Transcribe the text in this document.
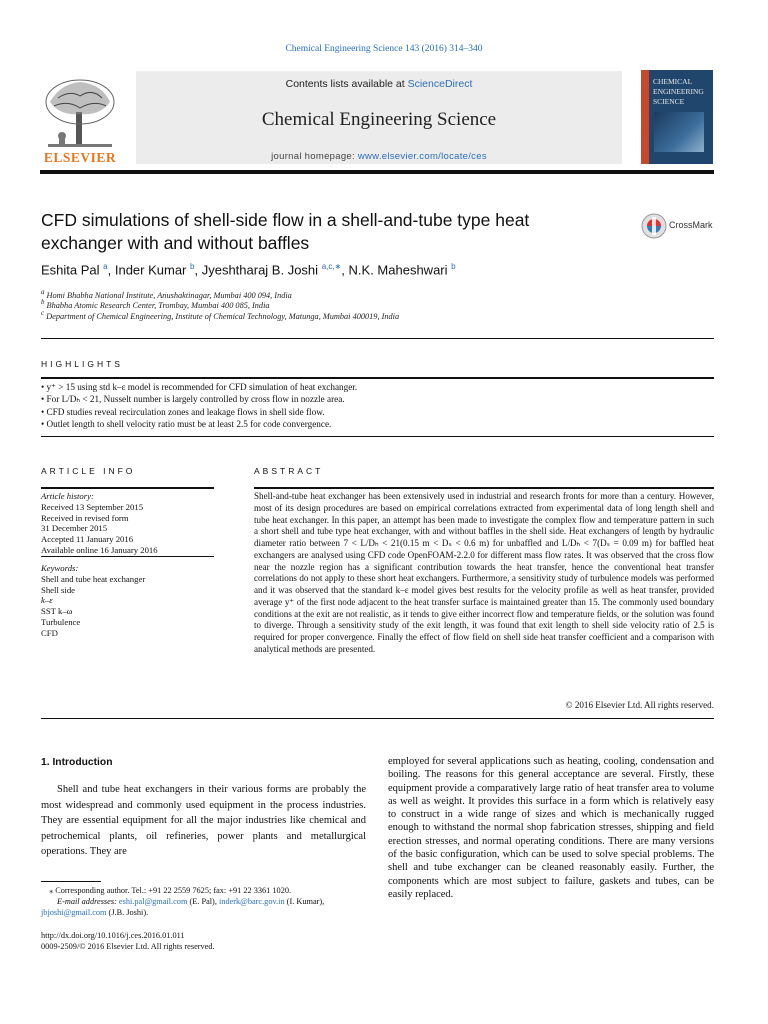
Chemical Engineering Science 143 (2016) 314–340
ELSEVIER
Contents lists available at ScienceDirect
Chemical Engineering Science
journal homepage: www.elsevier.com/locate/ces
CHEMICAL
ENGINEERING
SCIENCE
CFD simulations of shell-side flow in a shell-and-tube type heat
exchanger with and without baffles
CrossMark
Eshita Pal $^a$, Inder Kumar $^b$, Jyeshtharaj B. Joshi $^{a,c,∗}$, N.K. Maheshwari $^b$
$^a$ Homi Bhabha National Institute, Anushaktinagar, Mumbai 400 094, India
$^b$ Bhabha Atomic Research Center, Trombay, Mumbai 400 085, India
$^c$ Department of Chemical Engineering, Institute of Chemical Technology, Matunga, Mumbai 400019, India
HIGHLIGHTS
• y⁺ > 15 using std k–ε model is recommended for CFD simulation of heat exchanger.
• For L/Dₕ < 21, Nusselt number is largely controlled by cross flow in nozzle area.
• CFD studies reveal recirculation zones and leakage flows in shell side flow.
• Outlet length to shell velocity ratio must be at least 2.5 for code convergence.
ARTICLE INFO
Article history:
Received 13 September 2015
Received in revised form
31 December 2015
Accepted 11 January 2016
Available online 16 January 2016
Keywords:
Shell and tube heat exchanger
Shell side
k–ε
SST k–ω
Turbulence
CFD
ABSTRACT
Shell-and-tube heat exchanger has been extensively used in industrial and research fronts for more than a century. However, most of its design procedures are based on empirical correlations extracted from experimental data of long length shell and tube heat exchanger. In this paper, an attempt has been made to investigate the complex flow and temperature pattern in such a short shell and tube type heat exchanger, with and without baffles in the shell side. Heat exchangers of length by hydraulic diameter ratio between 7 < L/Dₕ < 21(0.15 m < Dₛ < 0.6 m) for unbaffled and L/Dₕ < 7(Dₛ = 0.09 m) for baffled heat exchangers are analysed using CFD code OpenFOAM-2.2.0 for different mass flow rates. It was observed that the cross flow near the nozzle region has a significant contribution towards the heat transfer, hence the conventional heat transfer correlations do not apply to these short heat exchangers. Furthermore, a sensitivity study of turbulence models was performed and it was observed that the standard k–ε model gives best results for the velocity profile as well as heat transfer, provided average y⁺ of the first node adjacent to the heat transfer surface is maintained greater than 15. The commonly used boundary conditions at the exit are not realistic, as it tends to give either incorrect flow and temperature fields, or the solution was found to diverge. Through a sensitivity study of the exit length, it was found that exit length to shell side velocity ratio of 2.5 is required for proper convergence. Finally the effect of flow field on shell side heat transfer coefficient and a comparison with analytical methods are presented.
© 2016 Elsevier Ltd. All rights reserved.
1. Introduction
Shell and tube heat exchangers in their various forms are probably the most widespread and commonly used equipment in the process industries. They are essential equipment for all the major industries like chemical and petrochemical plants, oil refineries, power plants and metallurgical operations. They are
employed for several applications such as heating, cooling, condensation and boiling. The reasons for this general acceptance are several. Firstly, these equipment provide a comparatively large ratio of heat transfer area to volume as well as weight. It provides this surface in a form which is relatively easy to construct in a wide range of sizes and which is mechanically rugged enough to withstand the normal shop fabrication stresses, shipping and field erection stresses, and normal operating conditions. There are many versions of the basic configuration, which can be used to solve special problems. The shell and tube exchanger can be cleaned reasonably easily. Further, the components which are most subject to failure, gaskets and tubes, can be easily replaced.
⁎ Corresponding author. Tel.: +91 22 2559 7625; fax: +91 22 3361 1020.
E-mail addresses: eshi.pal@gmail.com (E. Pal), inderk@barc.gov.in (I. Kumar),
jbjoshi@gmail.com (J.B. Joshi).
http://dx.doi.org/10.1016/j.ces.2016.01.011
0009-2509/© 2016 Elsevier Ltd. All rights reserved.
